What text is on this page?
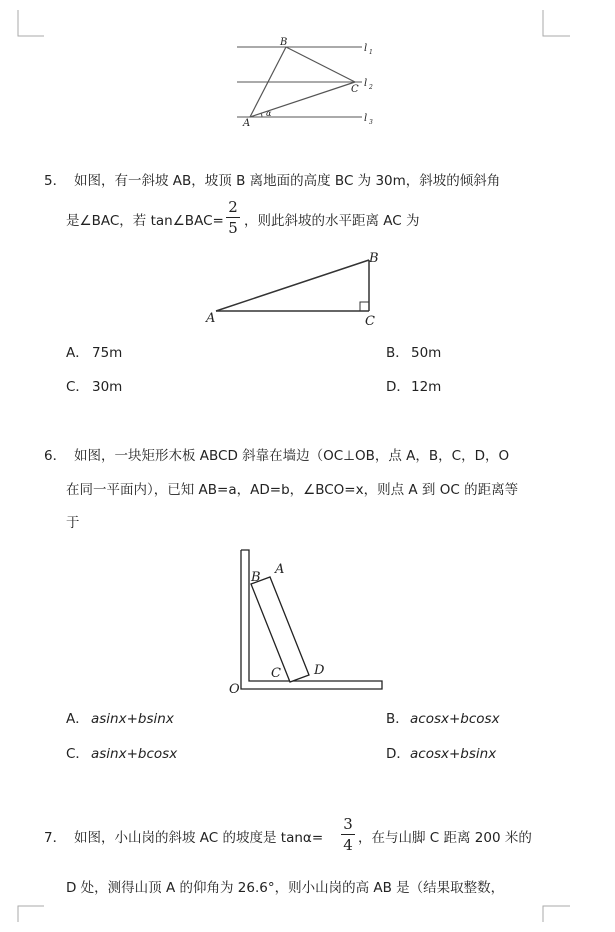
B
A
C
α
l 1
l 2
l 3
5． 如图，有一斜坡 AB，坡顶 B 离地面的高度 BC 为 30m，斜坡的倾斜角
是∠BAC，若 tan∠BAC=
2
5 ，则此斜坡的水平距离 AC 为
A
B
C
A． 75m	B． 50m
C． 30m	D． 12m
6． 如图，一块矩形木板 ABCD 斜靠在墙边（OC⊥OB，点 A，B，C，D，O
在同一平面内），已知 AB=a，AD=b，∠BCO=x，则点 A 到 OC 的距离等
于
B
A
C	D
O
A． asinx+bsinx	B． acosx+bcosx
C． asinx+bcosx	D． acosx+bsinx
7． 如图，小山岗的斜坡 AC 的坡度是 tanα=
3
4 ，在与山脚 C 距离 200 米的
D 处，测得山顶 A 的仰角为 26.6°，则小山岗的高 AB 是（结果取整数，
